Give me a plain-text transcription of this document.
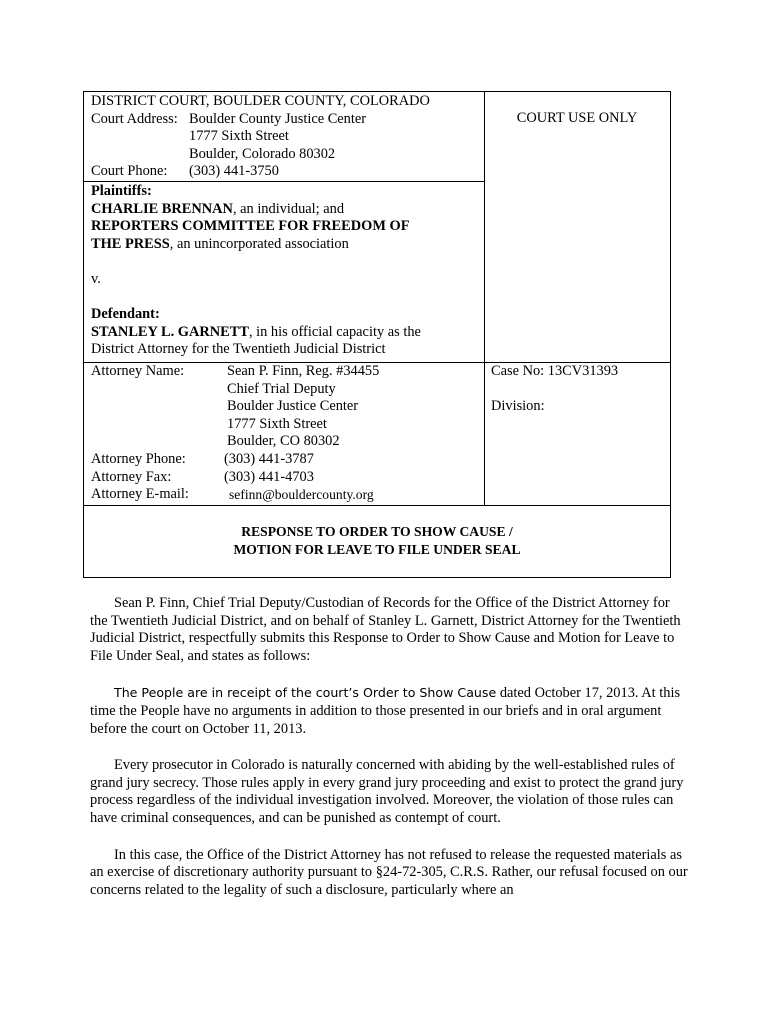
DISTRICT COURT, BOULDER COUNTY, COLORADO
Court Address: Boulder County Justice Center
1777 Sixth Street
Boulder, Colorado 80302
Court Phone: (303) 441-3750
COURT USE ONLY
Plaintiffs:
CHARLIE BRENNAN, an individual; and
REPORTERS COMMITTEE FOR FREEDOM OF
THE PRESS, an unincorporated association
v.
Defendant:
STANLEY L. GARNETT, in his official capacity as the
District Attorney for the Twentieth Judicial District
Attorney Name:	Sean P. Finn, Reg. #34455
Chief Trial Deputy
Boulder Justice Center
1777 Sixth Street
Boulder, CO 80302
Attorney Phone:	(303) 441-3787
Attorney Fax:	(303) 441-4703
Attorney E-mail:	sefinn@bouldercounty.org
Case No: 13CV31393
Division:
RESPONSE TO ORDER TO SHOW CAUSE /
MOTION FOR LEAVE TO FILE UNDER SEAL

Sean P. Finn, Chief Trial Deputy/Custodian of Records for the Office of the District Attorney for the Twentieth Judicial District, and on behalf of Stanley L. Garnett, District Attorney for the Twentieth Judicial District, respectfully submits this Response to Order to Show Cause and Motion for Leave to File Under Seal, and states as follows:

The People are in receipt of the court’s Order to Show Cause dated October 17, 2013. At this time the People have no arguments in addition to those presented in our briefs and in oral argument before the court on October 11, 2013.

Every prosecutor in Colorado is naturally concerned with abiding by the well-established rules of grand jury secrecy. Those rules apply in every grand jury proceeding and exist to protect the grand jury process regardless of the individual investigation involved. Moreover, the violation of those rules can have criminal consequences, and can be punished as contempt of court.

In this case, the Office of the District Attorney has not refused to release the requested materials as an exercise of discretionary authority pursuant to §24-72-305, C.R.S. Rather, our refusal focused on our concerns related to the legality of such a disclosure, particularly where an
